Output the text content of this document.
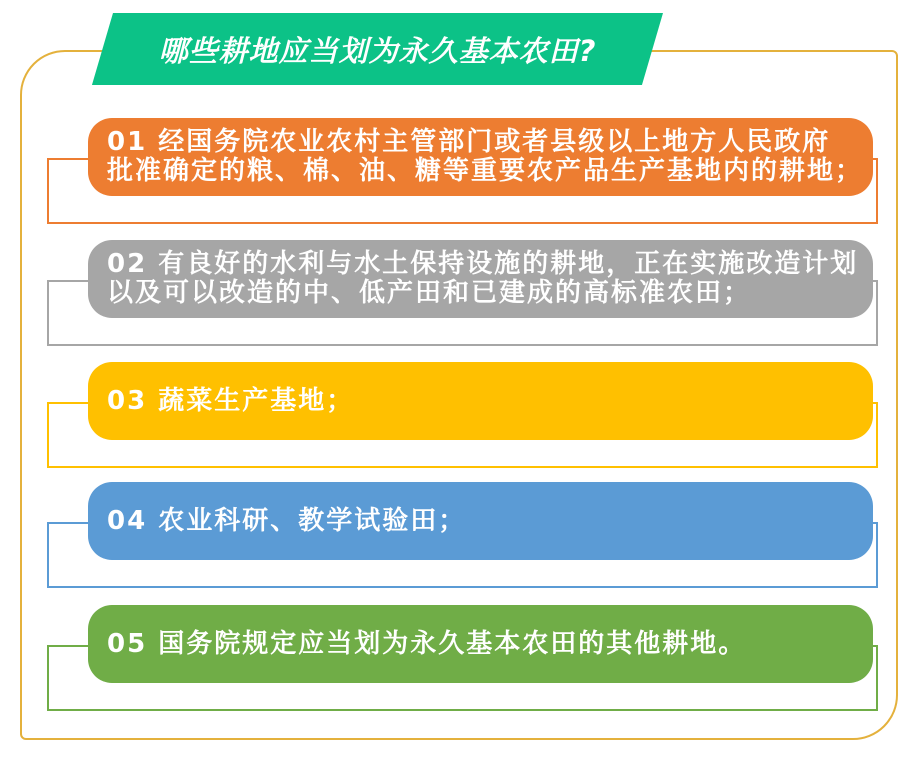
哪些耕地应当划为永久基本农田?
01 经国务院农业农村主管部门或者县级以上地方人民政府
批准确定的粮、棉、油、糖等重要农产品生产基地内的耕地；
02 有良好的水利与水土保持设施的耕地，正在实施改造计划
以及可以改造的中、低产田和已建成的高标准农田；
03 蔬菜生产基地；
04 农业科研、教学试验田；
05 国务院规定应当划为永久基本农田的其他耕地。
